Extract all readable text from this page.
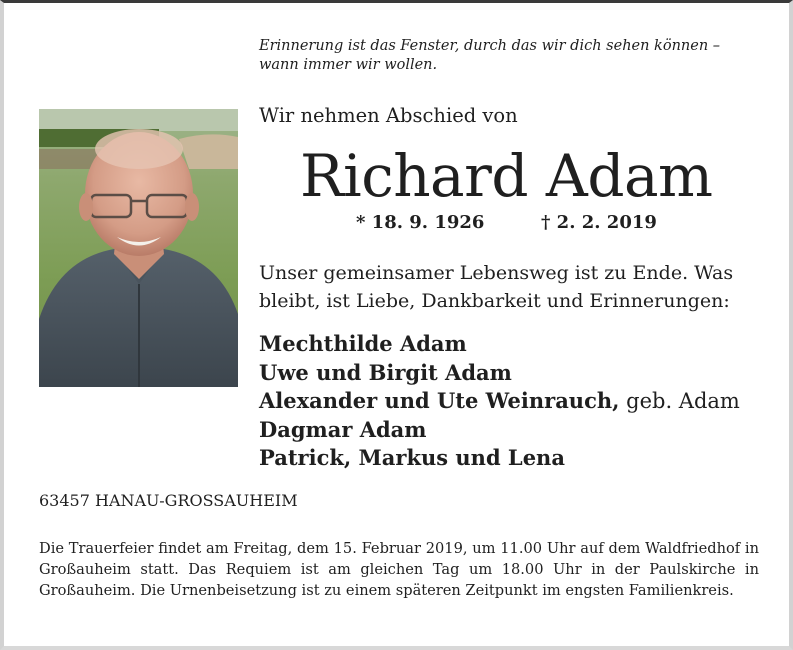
Erinnerung ist das Fenster, durch das wir dich sehen können –
wann immer wir wollen.
Wir nehmen Abschied von
Richard Adam
* 18. 9. 1926	† 2. 2. 2019
Unser gemeinsamer Lebensweg ist zu Ende. Was
bleibt, ist Liebe, Dankbarkeit und Erinnerungen:
Mechthilde Adam
Uwe und Birgit Adam
Alexander und Ute Weinrauch, geb. Adam
Dagmar Adam
Patrick, Markus und Lena
63457 HANAU-GROSSAUHEIM
Die Trauerfeier findet am Freitag, dem 15. Februar 2019, um 11.00 Uhr auf dem Waldfriedhof in Großauheim statt. Das Requiem ist am gleichen Tag um 18.00 Uhr in der Paulskirche in Großauheim. Die Urnenbeisetzung ist zu einem späteren Zeitpunkt im engsten Familienkreis.
